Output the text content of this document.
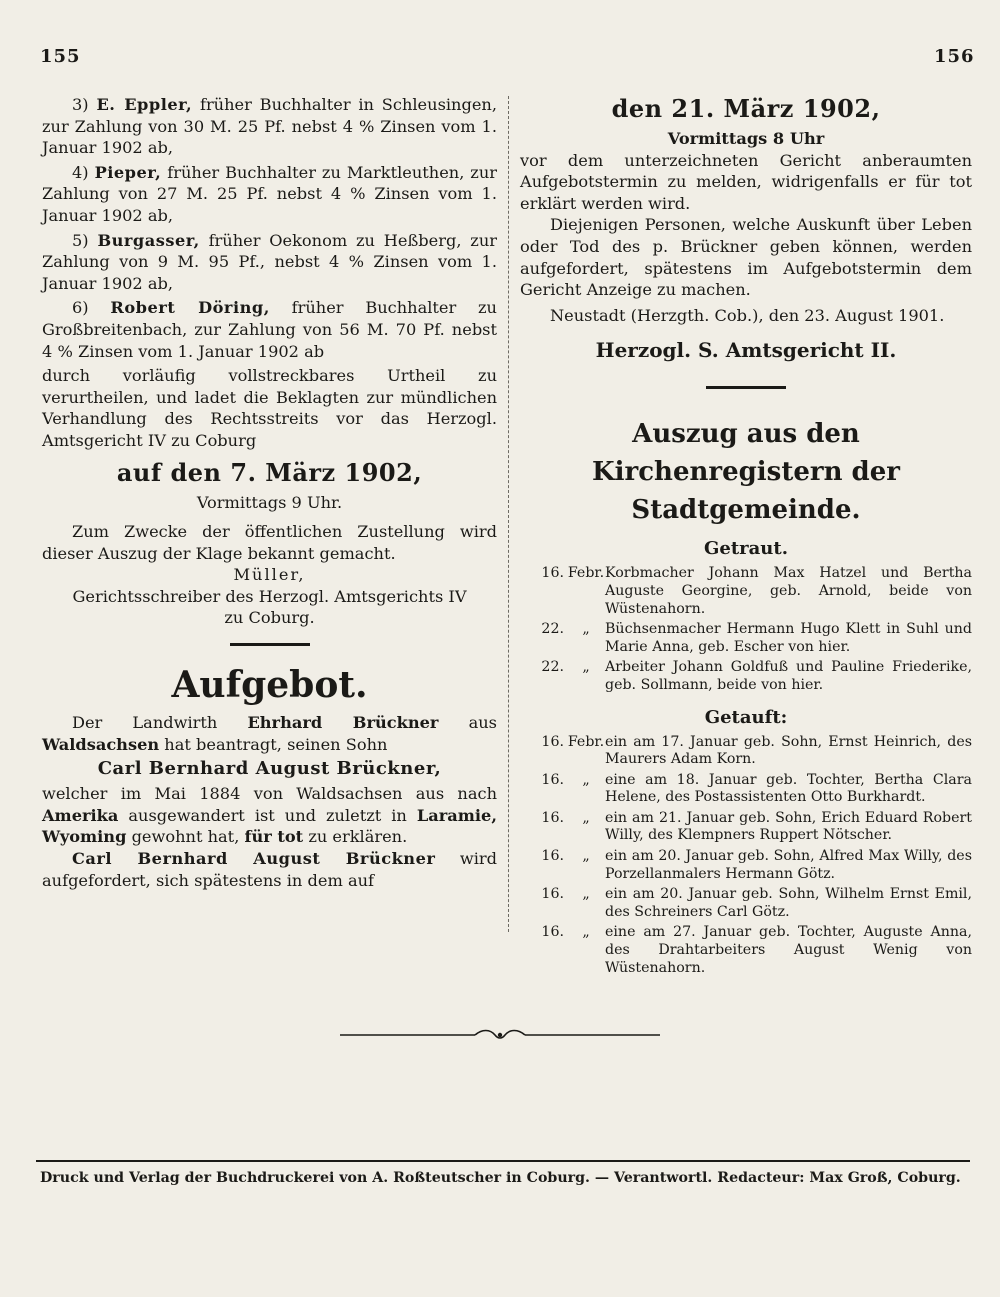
155	156

3) E. Eppler, früher Buchhalter in Schleusingen, zur Zahlung von 30 M. 25 Pf. nebst 4 % Zinsen vom 1. Januar 1902 ab,

4) Pieper, früher Buchhalter zu Marktleuthen, zur Zahlung von 27 M. 25 Pf. nebst 4 % Zinsen vom 1. Januar 1902 ab,

5) Burgasser, früher Oekonom zu Heßberg, zur Zahlung von 9 M. 95 Pf., nebst 4 % Zinsen vom 1. Januar 1902 ab,

6) Robert Döring, früher Buchhalter zu Großbreitenbach, zur Zahlung von 56 M. 70 Pf. nebst 4 % Zinsen vom 1. Januar 1902 ab

durch vorläufig vollstreckbares Urtheil zu verurtheilen, und ladet die Beklagten zur mündlichen Verhandlung des Rechtsstreits vor das Herzogl. Amtsgericht IV zu Coburg

auf den 7. März 1902,

Vormittags 9 Uhr.

Zum Zwecke der öffentlichen Zustellung wird dieser Auszug der Klage bekannt gemacht.

Müller,

Gerichtsschreiber des Herzogl. Amtsgerichts IV

zu Coburg.

Aufgebot.

Der Landwirth Ehrhard Brückner aus Waldsachsen hat beantragt, seinen Sohn

Carl Bernhard August Brückner,

welcher im Mai 1884 von Waldsachsen aus nach Amerika ausgewandert ist und zuletzt in Laramie, Wyoming gewohnt hat, für tot zu erklären.

Carl Bernhard August Brückner wird aufgefordert, sich spätestens in dem auf

den 21. März 1902,

Vormittags 8 Uhr

vor dem unterzeichneten Gericht anberaumten Aufgebotstermin zu melden, widrigenfalls er für tot erklärt werden wird.

Diejenigen Personen, welche Auskunft über Leben oder Tod des p. Brückner geben können, werden aufgefordert, spätestens im Aufgebotstermin dem Gericht Anzeige zu machen.

Neustadt (Herzgth. Cob.), den 23. August 1901.

Herzogl. S. Amtsgericht II.
Auszug aus den Kirchenregistern der Stadtgemeinde.
Getraut.
16.	Febr.	Korbmacher Johann Max Hatzel und Bertha Auguste Georgine, geb. Arnold, beide von Wüstenahorn.
22.	„	Büchsenmacher Hermann Hugo Klett in Suhl und Marie Anna, geb. Escher von hier.
22.	„	Arbeiter Johann Goldfuß und Pauline Friederike, geb. Sollmann, beide von hier.
Getauft:
16.	Febr.	ein am 17. Januar geb. Sohn, Ernst Heinrich, des Maurers Adam Korn.
16.	„	eine am 18. Januar geb. Tochter, Bertha Clara Helene, des Postassistenten Otto Burkhardt.
16.	„	ein am 21. Januar geb. Sohn, Erich Eduard Robert Willy, des Klempners Ruppert Nötscher.
16.	„	ein am 20. Januar geb. Sohn, Alfred Max Willy, des Porzellanmalers Hermann Götz.
16.	„	ein am 20. Januar geb. Sohn, Wilhelm Ernst Emil, des Schreiners Carl Götz.
16.	„	eine am 27. Januar geb. Tochter, Auguste Anna, des Drahtarbeiters August Wenig von Wüstenahorn.
Druck und Verlag der Buchdruckerei von A. Roßteutscher in Coburg. — Verantwortl. Redacteur: Max Groß, Coburg.
